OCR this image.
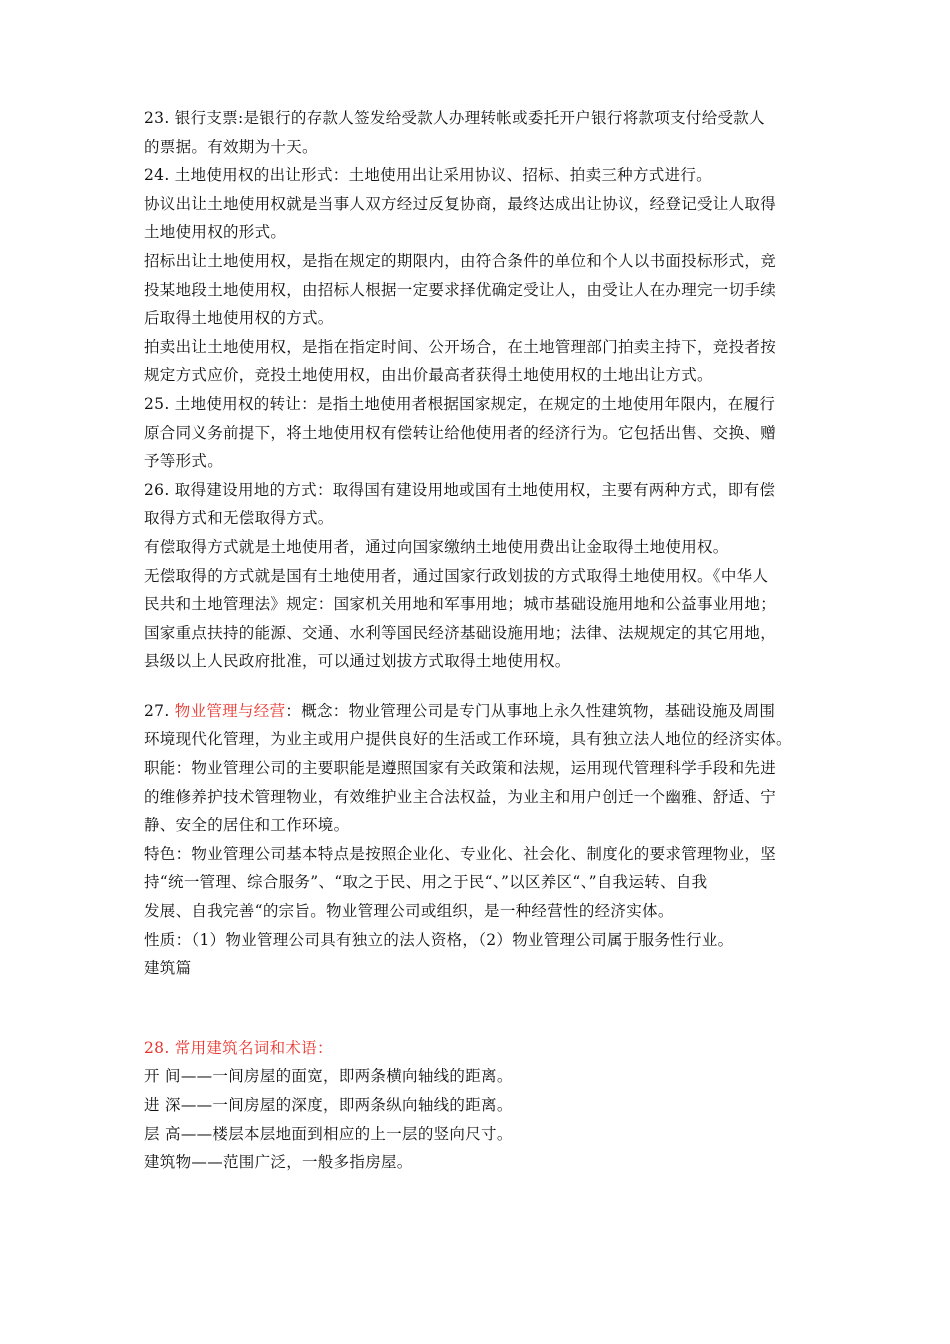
23. 银行支票:是银行的存款人签发给受款人办理转帐或委托开户银行将款项支付给受款人
的票据。有效期为十天。
24. 土地使用权的出让形式：土地使用出让采用协议、招标、拍卖三种方式进行。
协议出让土地使用权就是当事人双方经过反复协商，最终达成出让协议，经登记受让人取得
土地使用权的形式。
招标出让土地使用权，是指在规定的期限内，由符合条件的单位和个人以书面投标形式，竞
投某地段土地使用权，由招标人根据一定要求择优确定受让人，由受让人在办理完一切手续
后取得土地使用权的方式。
拍卖出让土地使用权，是指在指定时间、公开场合，在土地管理部门拍卖主持下，竞投者按
规定方式应价，竞投土地使用权，由出价最高者获得土地使用权的土地出让方式。
25. 土地使用权的转让：是指土地使用者根据国家规定，在规定的土地使用年限内，在履行
原合同义务前提下，将土地使用权有偿转让给他使用者的经济行为。它包括出售、交换、赠
予等形式。
26. 取得建设用地的方式：取得国有建设用地或国有土地使用权，主要有两种方式，即有偿
取得方式和无偿取得方式。
有偿取得方式就是土地使用者，通过向国家缴纳土地使用费出让金取得土地使用权。
无偿取得的方式就是国有土地使用者，通过国家行政划拔的方式取得土地使用权。《中华人
民共和土地管理法》规定：国家机关用地和军事用地；城市基础设施用地和公益事业用地；
国家重点扶持的能源、交通、水利等国民经济基础设施用地；法律、法规规定的其它用地，
县级以上人民政府批准，可以通过划拔方式取得土地使用权。
27. 物业管理与经营：概念：物业管理公司是专门从事地上永久性建筑物，基础设施及周围
环境现代化管理，为业主或用户提供良好的生活或工作环境，具有独立法人地位的经济实体。
职能：物业管理公司的主要职能是遵照国家有关政策和法规，运用现代管理科学手段和先进
的维修养护技术管理物业，有效维护业主合法权益，为业主和用户创迁一个幽雅、舒适、宁
静、安全的居住和工作环境。
特色：物业管理公司基本特点是按照企业化、专业化、社会化、制度化的要求管理物业，坚
持“统一管理、综合服务”、“取之于民、用之于民“、”以区养区“、”自我运转、自我
发展、自我完善“的宗旨。物业管理公司或组织，是一种经营性的经济实体。
性质：（1）物业管理公司具有独立的法人资格，（2）物业管理公司属于服务性行业。
建筑篇
28. 常用建筑名词和术语：
开 间——一间房屋的面宽，即两条横向轴线的距离。
进 深——一间房屋的深度，即两条纵向轴线的距离。
层 高——楼层本层地面到相应的上一层的竖向尺寸。
建筑物——范围广泛，一般多指房屋。
